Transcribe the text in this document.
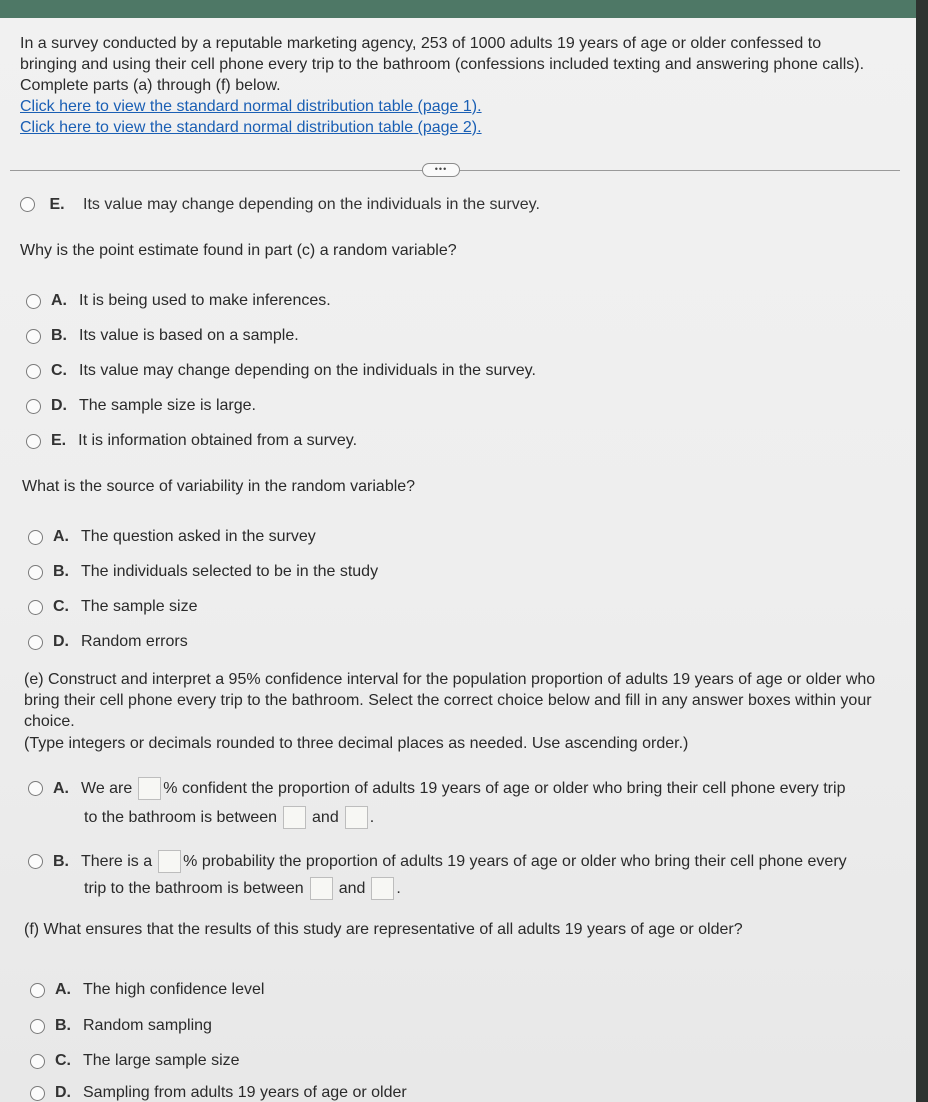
In a survey conducted by a reputable marketing agency, 253 of 1000 adults 19 years of age or older confessed to bringing and using their cell phone every trip to the bathroom (confessions included texting and answering phone calls). Complete parts (a) through (f) below.
Click here to view the standard normal distribution table (page 1).
Click here to view the standard normal distribution table (page 2).
•••
E. Its value may change depending on the individuals in the survey.
Why is the point estimate found in part (c) a random variable?
A. It is being used to make inferences.
B. Its value is based on a sample.
C. Its value may change depending on the individuals in the survey.
D. The sample size is large.
E. It is information obtained from a survey.
What is the source of variability in the random variable?
A. The question asked in the survey
B. The individuals selected to be in the study
C. The sample size
D. Random errors
(e) Construct and interpret a 95% confidence interval for the population proportion of adults 19 years of age or older who bring their cell phone every trip to the bathroom. Select the correct choice below and fill in any answer boxes within your choice.
(Type integers or decimals rounded to three decimal places as needed. Use ascending order.)
A. We are % confident the proportion of adults 19 years of age or older who bring their cell phone every trip
to the bathroom is between and .
B. There is a % probability the proportion of adults 19 years of age or older who bring their cell phone every
trip to the bathroom is between and .
(f) What ensures that the results of this study are representative of all adults 19 years of age or older?
A. The high confidence level
B. Random sampling
C. The large sample size
D. Sampling from adults 19 years of age or older
